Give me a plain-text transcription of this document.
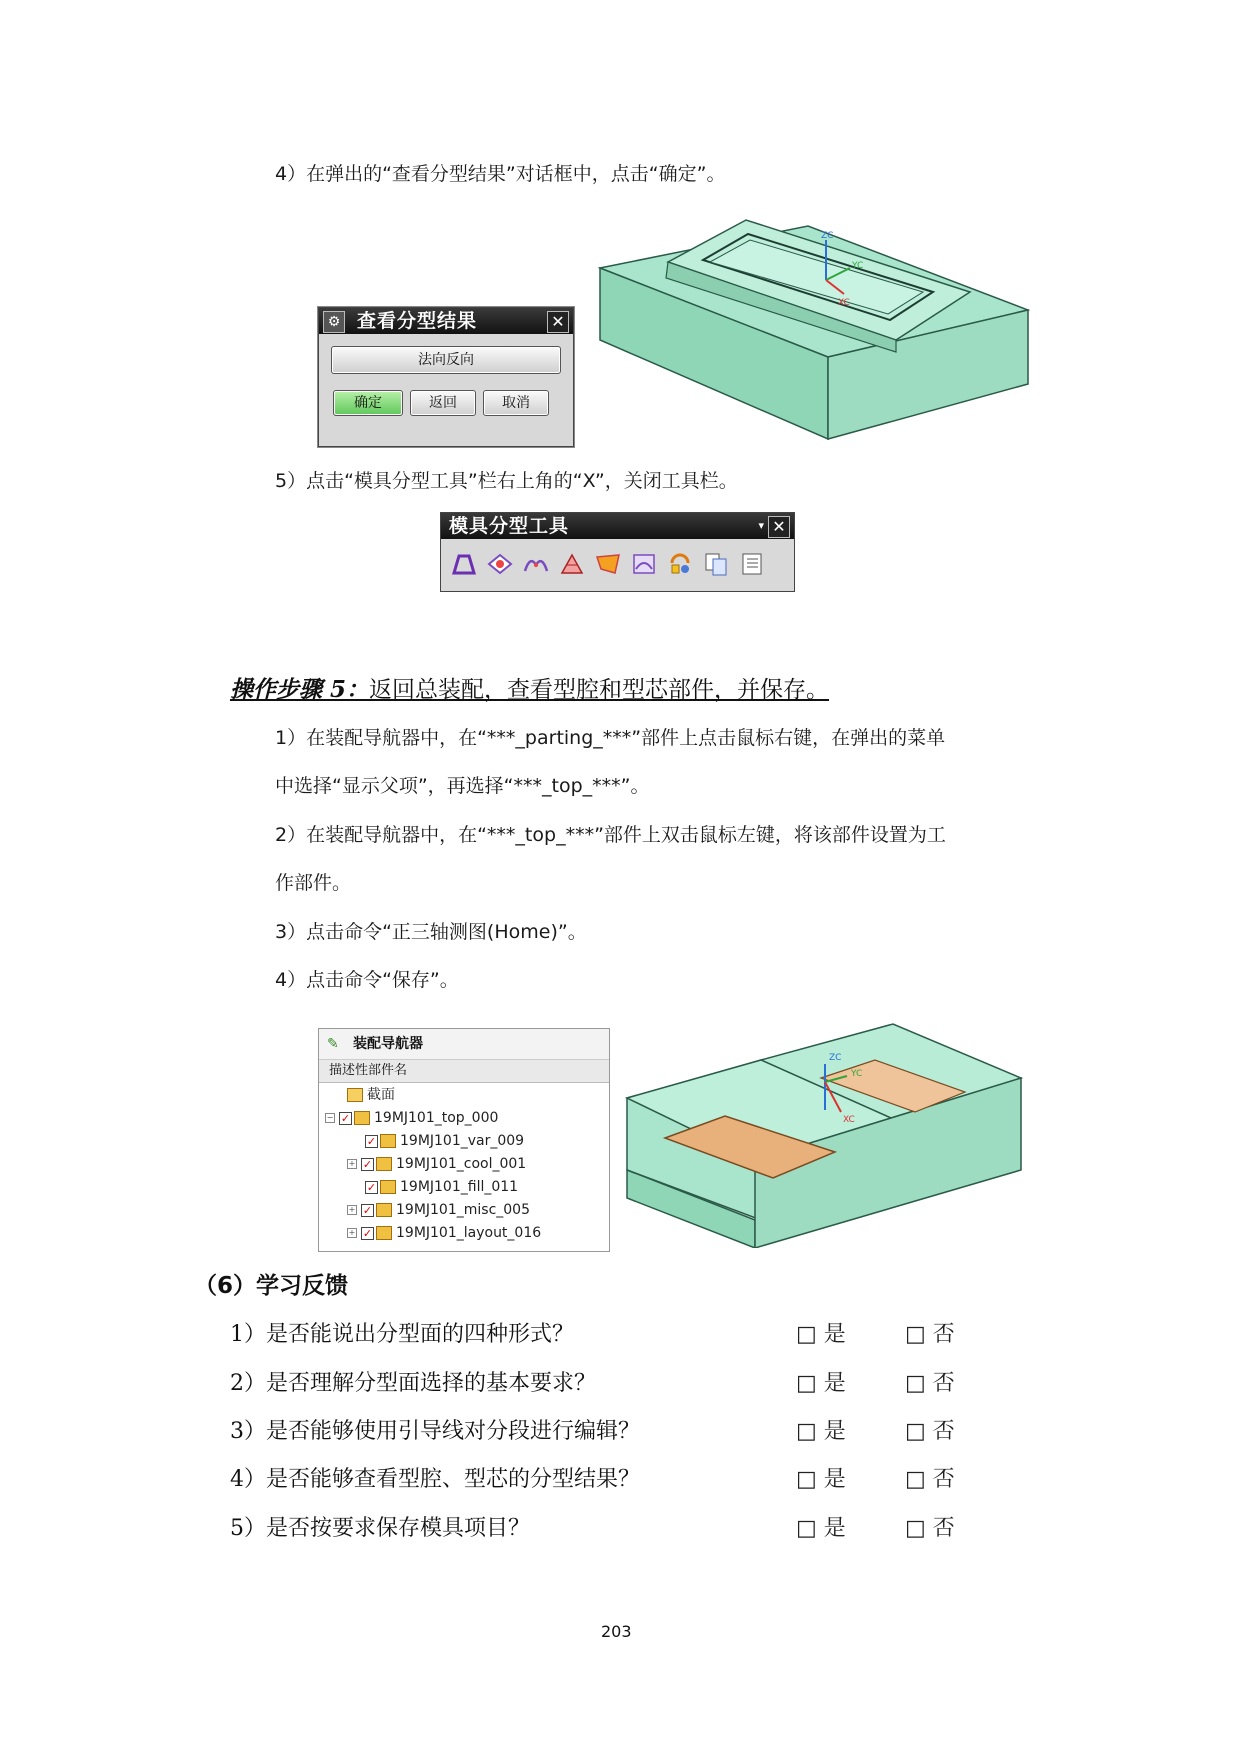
4）在弹出的“查看分型结果”对话框中，点击“确定”。
⚙ 查看分型结果	✕
法向反向
确定	返回	取消
ZC
YC
XC
5）点击“模具分型工具”栏右上角的“X”，关闭工具栏。
模具分型工具	▾ ✕
操作步骤 5：返回总装配，查看型腔和型芯部件，并保存。
1）在装配导航器中，在“***_parting_***”部件上点击鼠标右键，在弹出的菜单
中选择“显示父项”，再选择“***_top_***”。
2）在装配导航器中，在“***_top_***”部件上双击鼠标左键，将该部件设置为工
作部件。
3）点击命令“正三轴测图(Home)”。
4）点击命令“保存”。
✎ 装配导航器
描述性部件名
截面
− ✓ 19MJ101_top_000
✓ 19MJ101_var_009
+ ✓ 19MJ101_cool_001
✓ 19MJ101_fill_011
+ ✓ 19MJ101_misc_005
+ ✓ 19MJ101_layout_016
ZC
YC
XC
（6）学习反馈
1）是否能说出分型面的四种形式？	□ 是	□ 否
2）是否理解分型面选择的基本要求？	□ 是	□ 否
3）是否能够使用引导线对分段进行编辑？	□ 是	□ 否
4）是否能够查看型腔、型芯的分型结果？	□ 是	□ 否
5）是否按要求保存模具项目？	□ 是	□ 否
203
